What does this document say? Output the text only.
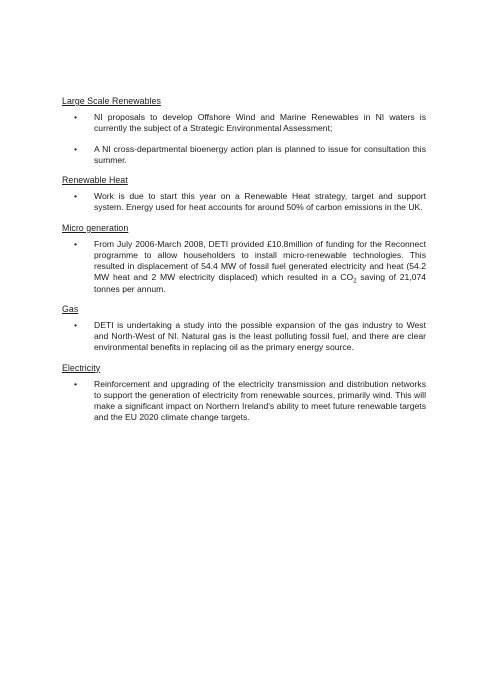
Large Scale Renewables
• NI proposals to develop Offshore Wind and Marine Renewables in NI waters is currently the subject of a Strategic Environmental Assessment;
• A NI cross-departmental bioenergy action plan is planned to issue for consultation this summer.
Renewable Heat
• Work is due to start this year on a Renewable Heat strategy, target and support system. Energy used for heat accounts for around 50% of carbon emissions in the UK.
Micro generation
• From July 2006-March 2008, DETI provided £10.8million of funding for the Reconnect programme to allow householders to install micro-renewable technologies. This resulted in displacement of 54.4 MW of fossil fuel generated electricity and heat (54.2 MW heat and 2 MW electricity displaced) which resulted in a $CO_2$ saving of 21,074 tonnes per annum.
Gas
• DETI is undertaking a study into the possible expansion of the gas industry to West and North-West of NI. Natural gas is the least polluting fossil fuel, and there are clear environmental benefits in replacing oil as the primary energy source.
Electricity
• Reinforcement and upgrading of the electricity transmission and distribution networks to support the generation of electricity from renewable sources, primarily wind. This will make a significant impact on Northern Ireland's ability to meet future renewable targets and the EU 2020 climate change targets.
